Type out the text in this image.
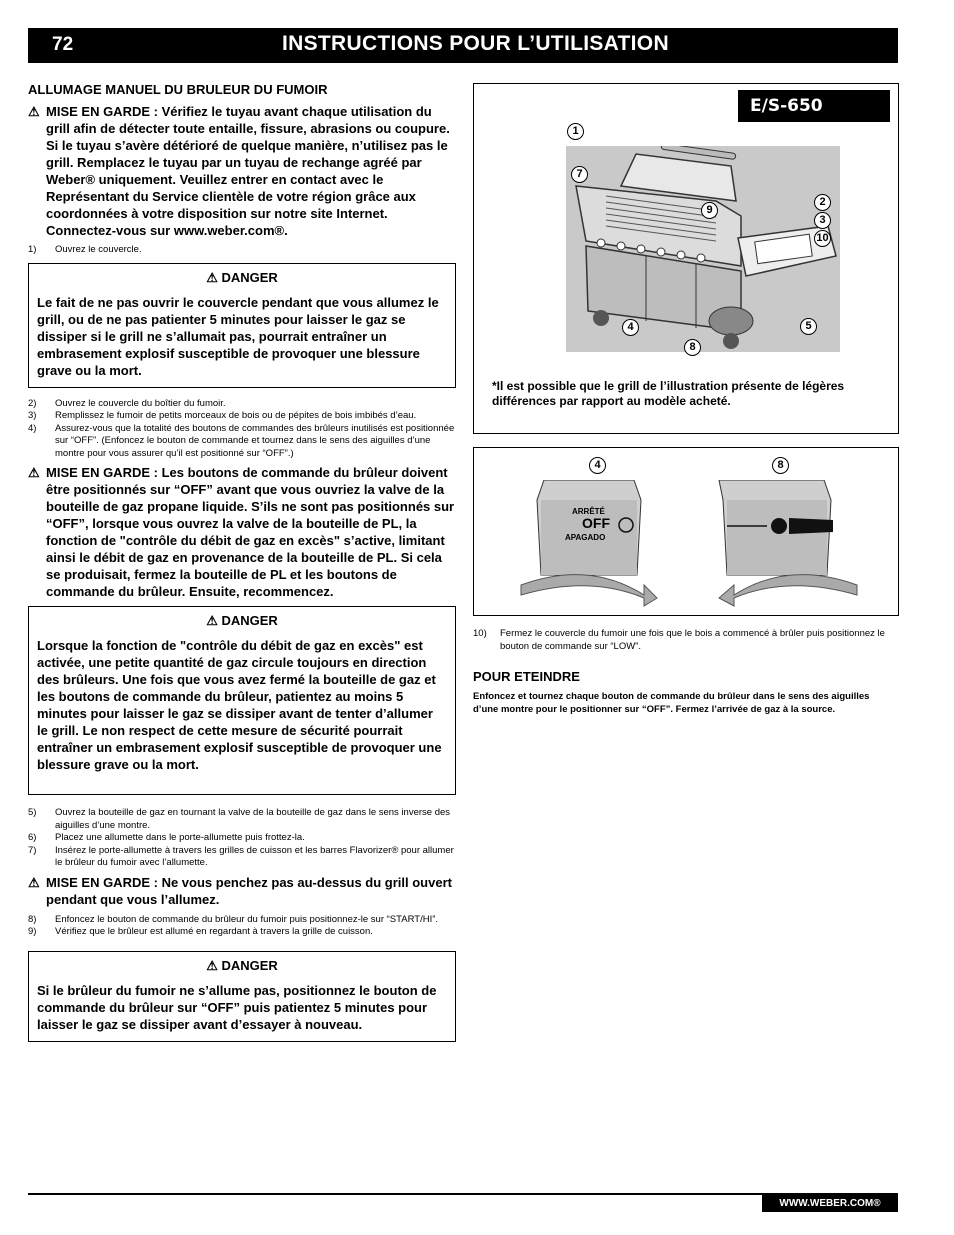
72	INSTRUCTIONS POUR L’UTILISATION

ALLUMAGE MANUEL DU BRULEUR DU FUMOIR

⚠ MISE EN GARDE : Vérifiez le tuyau avant chaque utilisation du grill afin de détecter toute entaille, fissure, abrasions ou coupure. Si le tuyau s’avère détérioré de quelque manière, n’utilisez pas le grill. Remplacez le tuyau par un tuyau de rechange agréé par Weber® uniquement. Veuillez entrer en contact avec le Représentant du Service clientèle de votre région grâce aux coordonnées à votre disposition sur notre site Internet. Connectez-vous sur www.weber.com®.

1) Ouvrez le couvercle.

⚠ DANGER
Le fait de ne pas ouvrir le couvercle pendant que vous allumez le grill, ou de ne pas patienter 5 minutes pour laisser le gaz se dissiper si le grill ne s’allumait pas, pourrait entraîner un embrasement explosif susceptible de provoquer une blessure grave ou la mort.

2) Ouvrez le couvercle du boîtier du fumoir.

3) Remplissez le fumoir de petits morceaux de bois ou de pépites de bois imbibés d’eau.

4) Assurez-vous que la totalité des boutons de commandes des brûleurs inutilisés est positionnée sur “OFF”. (Enfoncez le bouton de commande et tournez dans le sens des aiguilles d’une montre pour vous assurer qu’il est positionné sur “OFF”.)

⚠ MISE EN GARDE : Les boutons de commande du brûleur doivent être positionnés sur “OFF” avant que vous ouvriez la valve de la bouteille de gaz propane liquide. S’ils ne sont pas positionnés sur “OFF”, lorsque vous ouvrez la valve de la bouteille de PL, la fonction de "contrôle du débit de gaz en excès" s’active, limitant ainsi le débit de gaz en provenance de la bouteille de PL. Si cela se produisait, fermez la bouteille de PL et les boutons de commande du brûleur. Ensuite, recommencez.

⚠ DANGER
Lorsque la fonction de "contrôle du débit de gaz en excès" est activée, une petite quantité de gaz circule toujours en direction des brûleurs. Une fois que vous avez fermé la bouteille de gaz et les boutons de commande du brûleur, patientez au moins 5 minutes pour laisser le gaz se dissiper avant de tenter d’allumer le grill. Le non respect de cette mesure de sécurité pourrait entraîner un embrasement explosif susceptible de provoquer une blessure grave ou la mort.

5) Ouvrez la bouteille de gaz en tournant la valve de la bouteille de gaz dans le sens inverse des aiguilles d’une montre.

6) Placez une allumette dans le porte-allumette puis frottez-la.

7) Insérez le porte-allumette à travers les grilles de cuisson et les barres Flavorizer® pour allumer le brûleur du fumoir avec l’allumette.

⚠ MISE EN GARDE : Ne vous penchez pas au-dessus du grill ouvert pendant que vous l’allumez.

8) Enfoncez le bouton de commande du brûleur du fumoir puis positionnez-le sur “START/HI”.

9) Vérifiez que le brûleur est allumé en regardant à travers la grille de cuisson.

⚠ DANGER
Si le brûleur du fumoir ne s’allume pas, positionnez le bouton de commande du brûleur sur “OFF” puis patientez 5 minutes pour laisser le gaz se dissiper avant d’essayer à nouveau.
E/S-650
1
7
9
2
3
10
4
8
5
*Il est possible que le grill de l’illustration présente de légères différences par rapport au modèle acheté.
4	8
ARRÊTÉ
OFF
APAGADO

10) Fermez le couvercle du fumoir une fois que le bois a commencé à brûler puis positionnez le bouton de commande sur “LOW”.

POUR ETEINDRE

Enfoncez et tournez chaque bouton de commande du brûleur dans le sens des aiguilles d’une montre pour le positionner sur “OFF”. Fermez l’arrivée de gaz à la source.

WWW.WEBER.COM®
